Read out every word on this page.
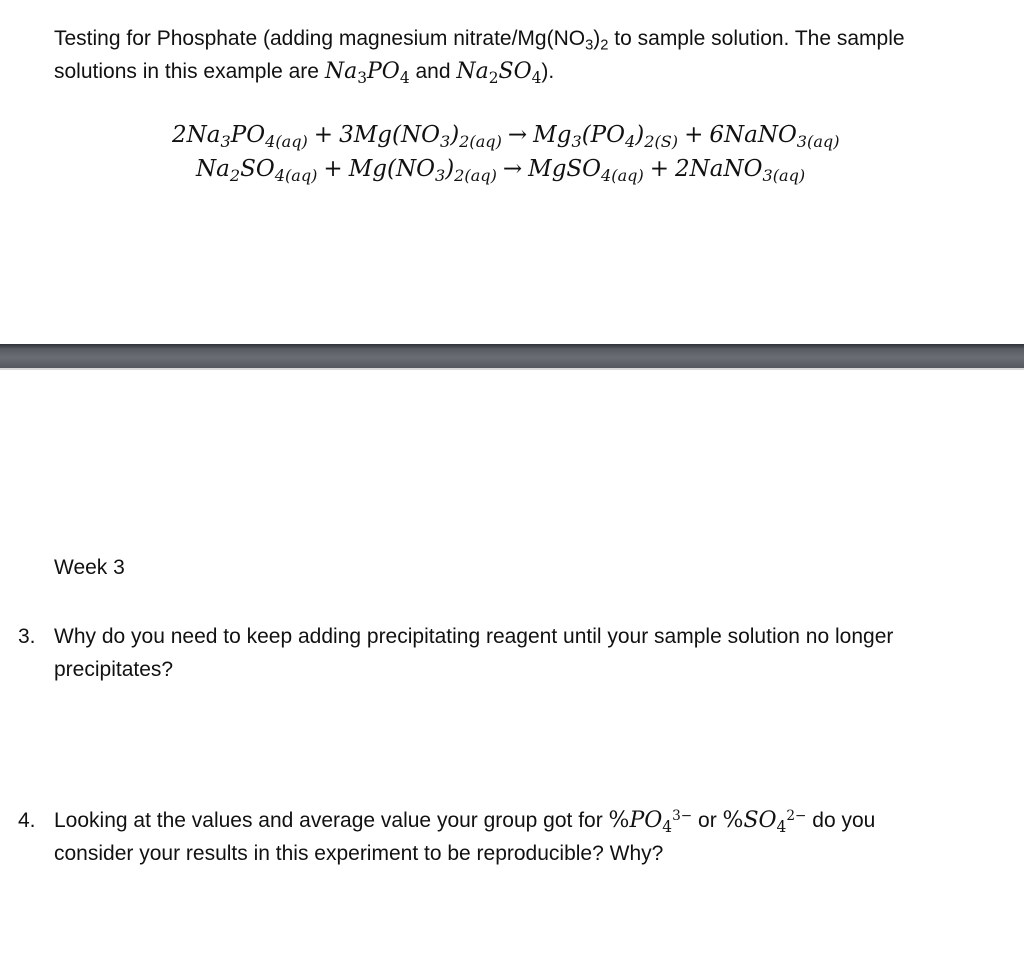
Testing for Phosphate (adding magnesium nitrate/$Mg(NO_3)_2$ to sample solution. The sample solutions in this example are $Na_3PO_4$ and $Na_2SO_4$).
$2Na_3PO_{4(aq)} + 3Mg(NO_3)_{2(aq)} \to Mg_3(PO_4)_{2(S)}$ + 6NaNO$_{3(aq)}$
$Na_2SO_{4(aq)} + Mg(NO_3)_{2(aq)}$ → MgSO$_{4(aq)}$ + 2NaNO$_{3(aq)}$
Week 3
3. Why do you need to keep adding precipitating reagent until your sample solution no longer precipitates?
4. Looking at the values and average value your group got for $\%PO_4^{3-}$ or $\%SO_4^{2-}$ do you consider your results in this experiment to be reproducible? Why?
